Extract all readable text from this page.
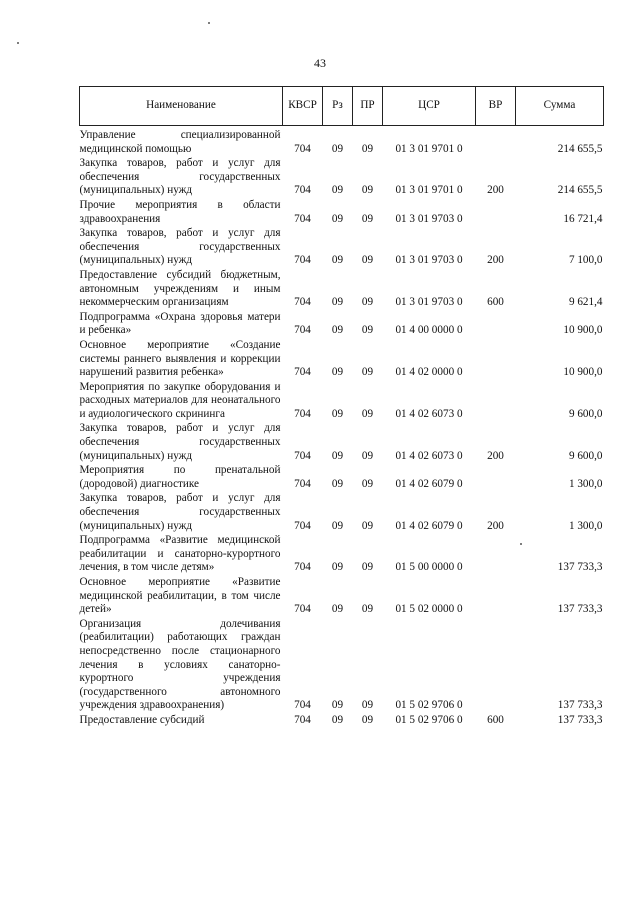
43
Наименование	КВСР	Рз	ПР	ЦСР	ВР	Сумма
Управление специализированной медицинской помощью	704	09	09	01 3 01 9701 0		214 655,5
Закупка товаров, работ и услуг для обеспечения государственных (муниципальных) нужд	704	09	09	01 3 01 9701 0	200	214 655,5
Прочие мероприятия в области здравоохранения	704	09	09	01 3 01 9703 0		16 721,4
Закупка товаров, работ и услуг для обеспечения государственных (муниципальных) нужд	704	09	09	01 3 01 9703 0	200	7 100,0
Предоставление субсидий бюджетным, автономным учреждениям и иным некоммерческим организациям	704	09	09	01 3 01 9703 0	600	9 621,4
Подпрограмма «Охрана здоровья матери и ребенка»	704	09	09	01 4 00 0000 0		10 900,0
Основное мероприятие «Создание системы раннего выявления и коррекции нарушений развития ребенка»	704	09	09	01 4 02 0000 0		10 900,0
Мероприятия по закупке оборудования и расходных материалов для неонатального и аудиологического скрининга	704	09	09	01 4 02 6073 0		9 600,0
Закупка товаров, работ и услуг для обеспечения государственных (муниципальных) нужд	704	09	09	01 4 02 6073 0	200	9 600,0
Мероприятия по пренатальной (дородовой) диагностике	704	09	09	01 4 02 6079 0		1 300,0
Закупка товаров, работ и услуг для обеспечения государственных (муниципальных) нужд	704	09	09	01 4 02 6079 0	200	1 300,0
Подпрограмма «Развитие медицинской реабилитации и санаторно-курортного лечения, в том числе детям»	704	09	09	01 5 00 0000 0		137 733,3
Основное мероприятие «Развитие медицинской реабилитации, в том числе детей»	704	09	09	01 5 02 0000 0		137 733,3
Организация долечивания (реабилитации) работающих граждан непосредственно после стационарного лечения в условиях санаторно-курортного учреждения (государственного автономного учреждения здравоохранения)	704	09	09	01 5 02 9706 0		137 733,3
Предоставление субсидий	704	09	09	01 5 02 9706 0	600	137 733,3
